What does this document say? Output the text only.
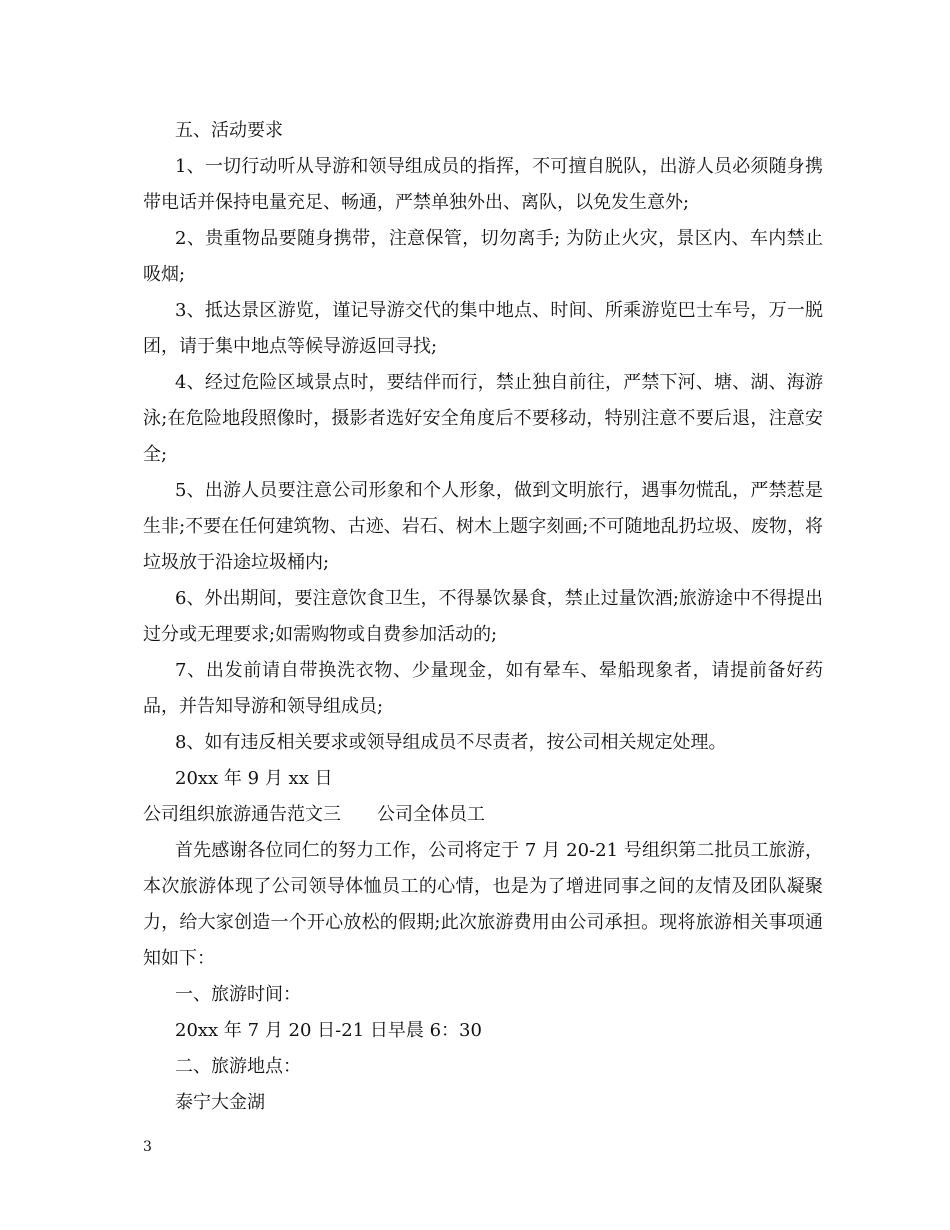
五、活动要求

1、一切行动听从导游和领导组成员的指挥，不可擅自脱队，出游人员必须随身携带电话并保持电量充足、畅通，严禁单独外出、离队，以免发生意外;

2、贵重物品要随身携带，注意保管，切勿离手; 为防止火灾，景区内、车内禁止吸烟;

3、抵达景区游览，谨记导游交代的集中地点、时间、所乘游览巴士车号，万一脱团，请于集中地点等候导游返回寻找;

4、经过危险区域景点时，要结伴而行，禁止独自前往，严禁下河、塘、湖、海游泳;在危险地段照像时，摄影者选好安全角度后不要移动，特别注意不要后退，注意安全;

5、出游人员要注意公司形象和个人形象，做到文明旅行，遇事勿慌乱，严禁惹是生非;不要在任何建筑物、古迹、岩石、树木上题字刻画;不可随地乱扔垃圾、废物，将垃圾放于沿途垃圾桶内;

6、外出期间，要注意饮食卫生，不得暴饮暴食，禁止过量饮酒;旅游途中不得提出过分或无理要求;如需购物或自费参加活动的;

7、出发前请自带换洗衣物、少量现金，如有晕车、晕船现象者，请提前备好药品，并告知导游和领导组成员;

8、如有违反相关要求或领导组成员不尽责者，按公司相关规定处理。

20xx 年 9 月 xx 日

公司组织旅游通告范文三　　公司全体员工

首先感谢各位同仁的努力工作，公司将定于 7 月 20-21 号组织第二批员工旅游，本次旅游体现了公司领导体恤员工的心情，也是为了增进同事之间的友情及团队凝聚力，给大家创造一个开心放松的假期;此次旅游费用由公司承担。现将旅游相关事项通知如下：

一、旅游时间：

20xx 年 7 月 20 日-21 日早晨 6：30

二、旅游地点：

泰宁大金湖

3
